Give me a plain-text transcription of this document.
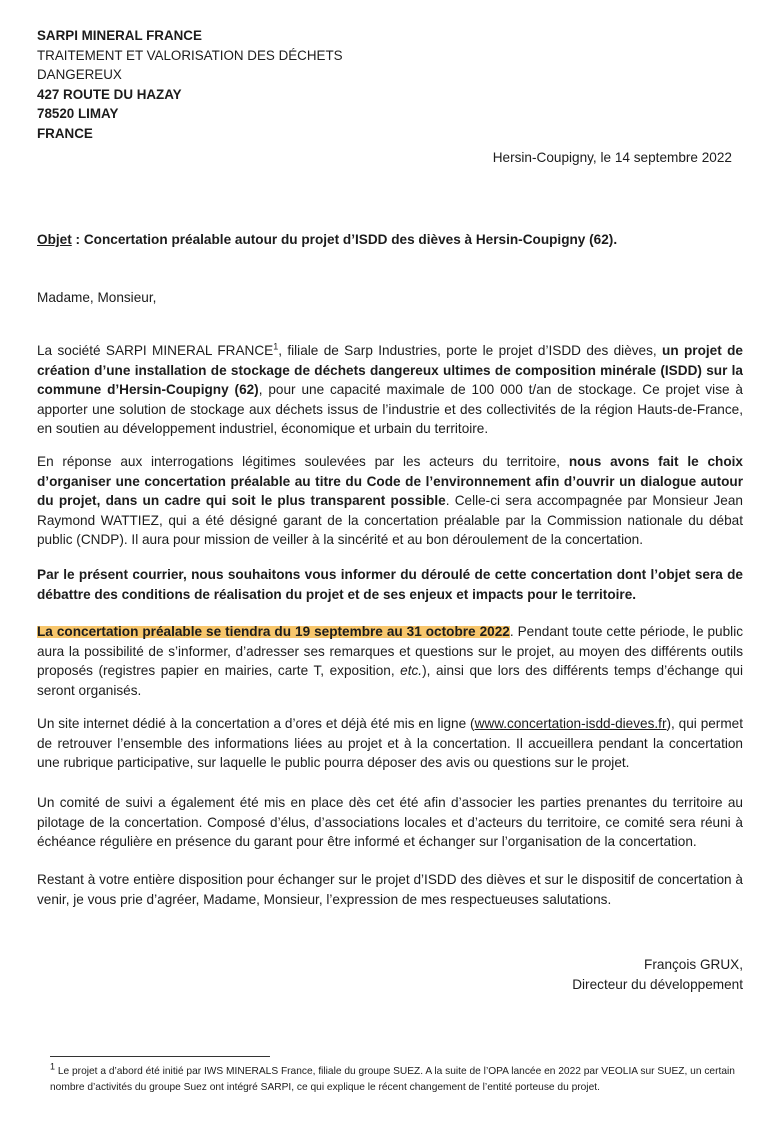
SARPI MINERAL FRANCE
TRAITEMENT ET VALORISATION DES DÉCHETS
DANGEREUX
427 ROUTE DU HAZAY
78520 LIMAY
FRANCE
Hersin-Coupigny, le 14 septembre 2022
Objet : Concertation préalable autour du projet d’ISDD des dièves à Hersin-Coupigny (62).
Madame, Monsieur,

La société SARPI MINERAL FRANCE$^1$, filiale de Sarp Industries, porte le projet d’ISDD des dièves, un projet de création d’une installation de stockage de déchets dangereux ultimes de composition minérale (ISDD) sur la commune d’Hersin-Coupigny (62), pour une capacité maximale de 100 000 t/an de stockage. Ce projet vise à apporter une solution de stockage aux déchets issus de l’industrie et des collectivités de la région Hauts-de-France, en soutien au développement industriel, économique et urbain du territoire.

En réponse aux interrogations légitimes soulevées par les acteurs du territoire, nous avons fait le choix d’organiser une concertation préalable au titre du Code de l’environnement afin d’ouvrir un dialogue autour du projet, dans un cadre qui soit le plus transparent possible. Celle-ci sera accompagnée par Monsieur Jean Raymond WATTIEZ, qui a été désigné garant de la concertation préalable par la Commission nationale du débat public (CNDP). Il aura pour mission de veiller à la sincérité et au bon déroulement de la concertation.

Par le présent courrier, nous souhaitons vous informer du déroulé de cette concertation dont l’objet sera de débattre des conditions de réalisation du projet et de ses enjeux et impacts pour le territoire.

La concertation préalable se tiendra du 19 septembre au 31 octobre 2022. Pendant toute cette période, le public aura la possibilité de s’informer, d’adresser ses remarques et questions sur le projet, au moyen des différents outils proposés (registres papier en mairies, carte T, exposition, etc.), ainsi que lors des différents temps d’échange qui seront organisés.

Un site internet dédié à la concertation a d’ores et déjà été mis en ligne (www.concertation-isdd-dieves.fr), qui permet de retrouver l’ensemble des informations liées au projet et à la concertation. Il accueillera pendant la concertation une rubrique participative, sur laquelle le public pourra déposer des avis ou questions sur le projet.

Un comité de suivi a également été mis en place dès cet été afin d’associer les parties prenantes du territoire au pilotage de la concertation. Composé d’élus, d’associations locales et d’acteurs du territoire, ce comité sera réuni à échéance régulière en présence du garant pour être informé et échanger sur l’organisation de la concertation.

Restant à votre entière disposition pour échanger sur le projet d’ISDD des dièves et sur le dispositif de concertation à venir, je vous prie d’agréer, Madame, Monsieur, l’expression de mes respectueuses salutations.

François GRUX,
Directeur du développement

$^1$ Le projet a d’abord été initié par IWS MINERALS France, filiale du groupe SUEZ. A la suite de l’OPA lancée en 2022 par VEOLIA sur SUEZ, un certain nombre d’activités du groupe Suez ont intégré SARPI, ce qui explique le récent changement de l’entité porteuse du projet.
